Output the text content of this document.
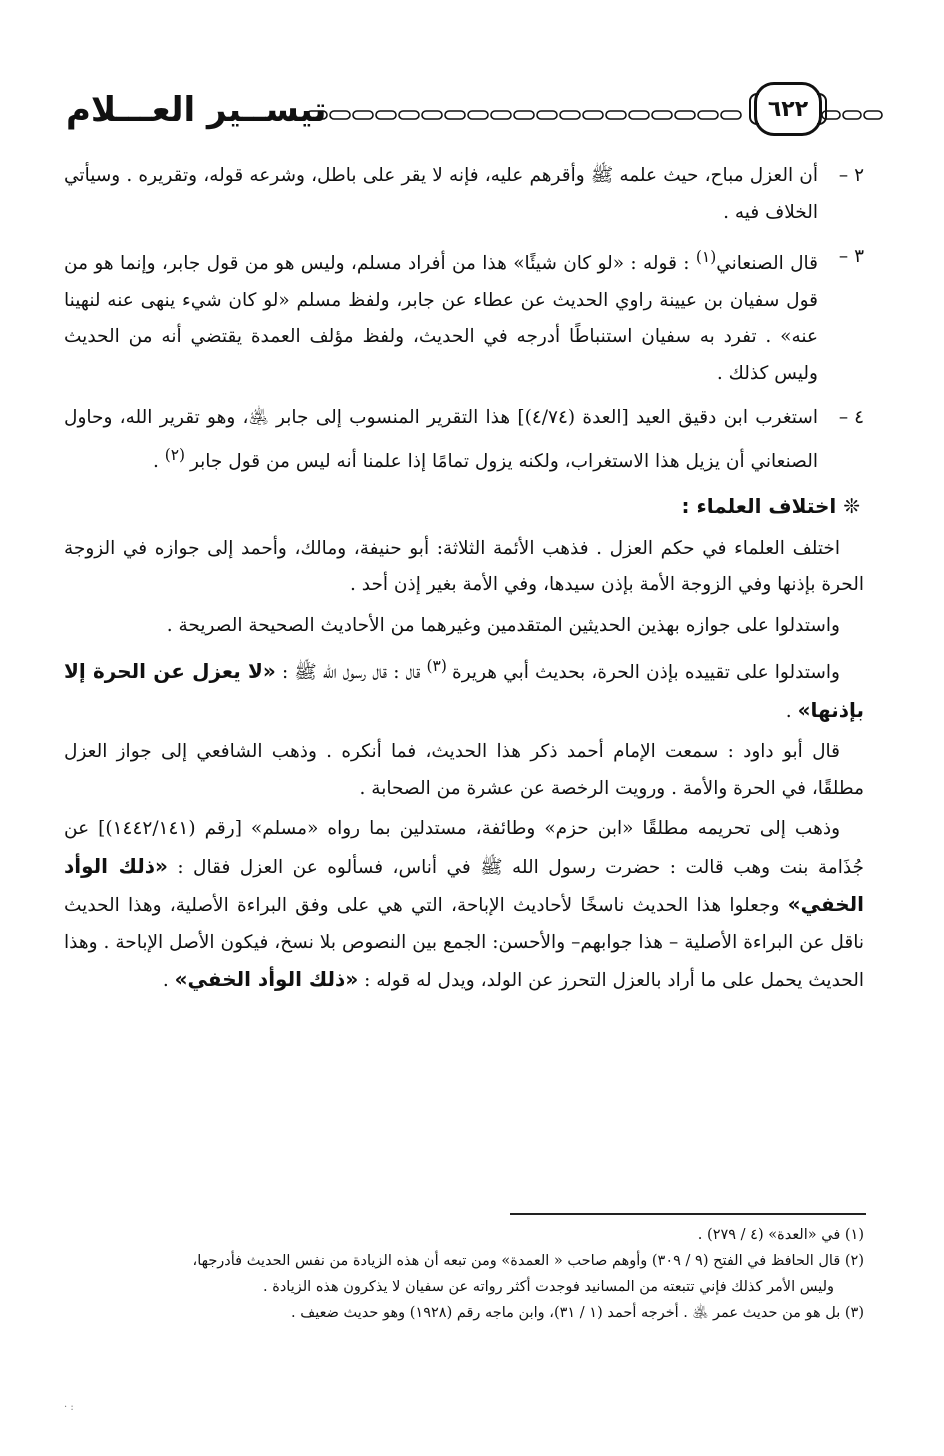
تيســير العـــلام	٦٢٢
٢ –
أن العزل مباح، حيث علمه ﷺ وأقرهم عليه، فإنه لا يقر على باطل، وشرعه قوله، وتقريره . وسيأتي الخلاف فيه .
٣ –
قال الصنعاني$^{(١)}$ : قوله : «لو كان شيئًا» هذا من أفراد مسلم، وليس هو من قول جابر، وإنما هو من قول سفيان بن عيينة راوي الحديث عن عطاء عن جابر، ولفظ مسلم «لو كان شيء ينهى عنه لنهينا عنه» . تفرد به سفيان استنباطًا أدرجه في الحديث، ولفظ مؤلف العمدة يقتضي أنه من الحديث وليس كذلك .
٤ –
استغرب ابن دقيق العيد [العدة (٤/٧٤)] هذا التقرير المنسوب إلى جابر ﵁، وهو تقرير الله، وحاول الصنعاني أن يزيل هذا الاستغراب، ولكنه يزول تمامًا إذا علمنا أنه ليس من قول جابر $^{(٢)}$ .
❊ اختلاف العلماء :

اختلف العلماء في حكم العزل . فذهب الأئمة الثلاثة: أبو حنيفة، ومالك، وأحمد إلى جوازه في الزوجة الحرة بإذنها وفي الزوجة الأمة بإذن سيدها، وفي الأمة بغير إذن أحد .

واستدلوا على جوازه بهذين الحديثين المتقدمين وغيرهما من الأحاديث الصحيحة الصريحة .

واستدلوا على تقييده بإذن الحرة، بحديث أبي هريرة $^{(٣)}$ قال : قال رسول الله ﷺ : «لا يعزل عن الحرة إلا بإذنها» .

قال أبو داود : سمعت الإمام أحمد ذكر هذا الحديث، فما أنكره . وذهب الشافعي إلى جواز العزل مطلقًا، في الحرة والأمة . ورويت الرخصة عن عشرة من الصحابة .

وذهب إلى تحريمه مطلقًا «ابن حزم» وطائفة، مستدلين بما رواه «مسلم» [رقم (١٤٤٢/١٤١)] عن جُذَامة بنت وهب قالت : حضرت رسول الله ﷺ في أناس، فسألوه عن العزل فقال : «ذلك الوأد الخفي» وجعلوا هذا الحديث ناسخًا لأحاديث الإباحة، التي هي على وفق البراءة الأصلية، وهذا الحديث ناقل عن البراءة الأصلية – هذا جوابهم– والأحسن: الجمع بين النصوص بلا نسخ، فيكون الأصل الإباحة . وهذا الحديث يحمل على ما أراد بالعزل التحرز عن الولد، ويدل له قوله : «ذلك الوأد الخفي» .

(١) في «العدة» (٤ / ٢٧٩) .
(٢) قال الحافظ في الفتح (٩ / ٣٠٩) وأوهم صاحب « العمدة» ومن تبعه أن هذه الزيادة من نفس الحديث فأدرجها،
وليس الأمر كذلك فإني تتبعته من المسانيد فوجدت أكثر رواته عن سفيان لا يذكرون هذه الزيادة .
(٣) بل هو من حديث عمر ﵁ . أخرجه أحمد (١ / ٣١)، وابن ماجه رقم (١٩٢٨) وهو حديث ضعيف .
· :
